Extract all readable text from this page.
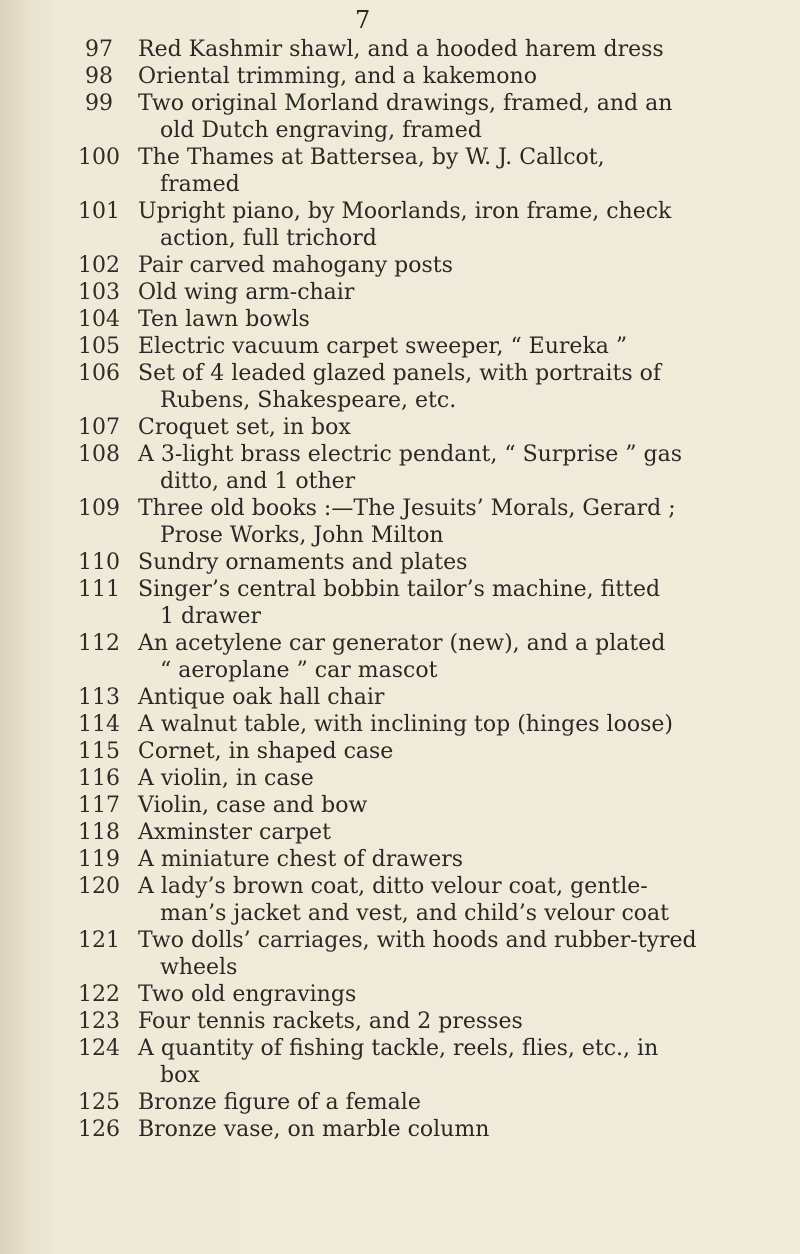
7
97	Red Kashmir shawl, and a hooded harem dress
98	Oriental trimming, and a kakemono
99	Two original Morland drawings, framed, and an
old Dutch engraving, framed
100 The Thames at Battersea, by W. J. Callcot,
framed
101 Upright piano, by Moorlands, iron frame, check
action, full trichord
102 Pair carved mahogany posts
103 Old wing arm-chair
104 Ten lawn bowls
105 Electric vacuum carpet sweeper, “ Eureka ”
106 Set of 4 leaded glazed panels, with portraits of
Rubens, Shakespeare, etc.
107 Croquet set, in box
108 A 3-light brass electric pendant, “ Surprise ” gas
ditto, and 1 other
109 Three old books :—The Jesuits’ Morals, Gerard ;
Prose Works, John Milton
110 Sundry ornaments and plates
111 Singer’s central bobbin tailor’s machine, fitted
1 drawer
112 An acetylene car generator (new), and a plated
“ aeroplane ” car mascot
113 Antique oak hall chair
114 A walnut table, with inclining top (hinges loose)
115 Cornet, in shaped case
116 A violin, in case
117 Violin, case and bow
118 Axminster carpet
119 A miniature chest of drawers
120 A lady’s brown coat, ditto velour coat, gentle-
man’s jacket and vest, and child’s velour coat
121 Two dolls’ carriages, with hoods and rubber-tyred
wheels
122 Two old engravings
123 Four tennis rackets, and 2 presses
124 A quantity of fishing tackle, reels, flies, etc., in
box
125 Bronze figure of a female
126 Bronze vase, on marble column
